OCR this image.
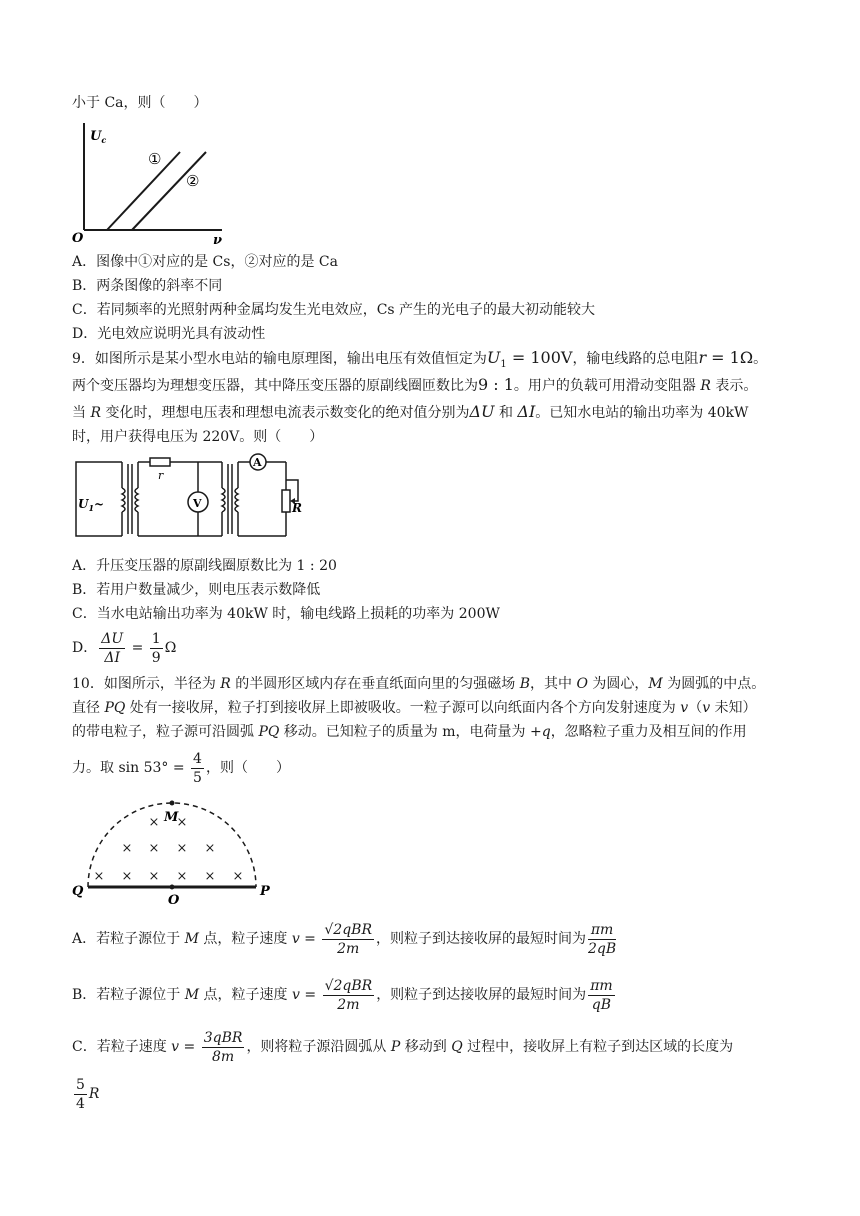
小于 Ca，则（　　）
$U_c$
①
②
O	ν
A．图像中①对应的是 Cs，②对应的是 Ca
B．两条图像的斜率不同
C．若同频率的光照射两种金属均发生光电效应，Cs 产生的光电子的最大初动能较大
D．光电效应说明光具有波动性
9．如图所示是某小型水电站的输电原理图，输出电压有效值恒定为$U_1 = 100V$，输电线路的总电阻r = 1Ω。
两个变压器均为理想变压器，其中降压变压器的原副线圈匝数比为9 : 1。用户的负载可用滑动变阻器 R 表示。
当 R 变化时，理想电压表和理想电流表示数变化的绝对值分别为ΔU 和 ΔI。已知水电站的输出功率为 40kW
时，用户获得电压为 220V。则（　　）
$U_1\sim$
r
V
A
R
A．升压变压器的原副线圈原数比为 1 : 20
B．若用户数量减少，则电压表示数降低
C．当水电站输出功率为 40kW 时，输电线路上损耗的功率为 200W
D． $\frac{\Delta U}{\Delta I} = \frac{1}{9}$ Ω
10．如图所示，半径为 R 的半圆形区域内存在垂直纸面向里的匀强磁场 B，其中 O 为圆心，M 为圆弧的中点。
直径 PQ 处有一接收屏，粒子打到接收屏上即被吸收。一粒子源可以向纸面内各个方向发射速度为 v（v 未知）
的带电粒子，粒子源可沿圆弧 PQ 移动。已知粒子的质量为 m，电荷量为 +q，忽略粒子重力及相互间的作用
力。取 $\sin 53^\circ = \frac{4}{5}$ ，则（　　）
× ×
× × × ×
× × × × × ×
M
Q	P
O
A．若粒子源位于 M 点，粒子速度 $v = \frac{\text{√2qBR}}{2m}$ ，则粒子到达接收屏的最短时间为 $\frac{\pi m}{2qB}$
B．若粒子源位于 M 点，粒子速度 $v = \frac{\text{√2qBR}}{2m}$ ，则粒子到达接收屏的最短时间为 $\frac{\pi m}{qB}$
C．若粒子速度 $v = \frac{\text{3qBR}}{8m}$ ，则将粒子源沿圆弧从 P 移动到 Q 过程中，接收屏上有粒子到达区域的长度为
$\frac{5}{4}$ R
